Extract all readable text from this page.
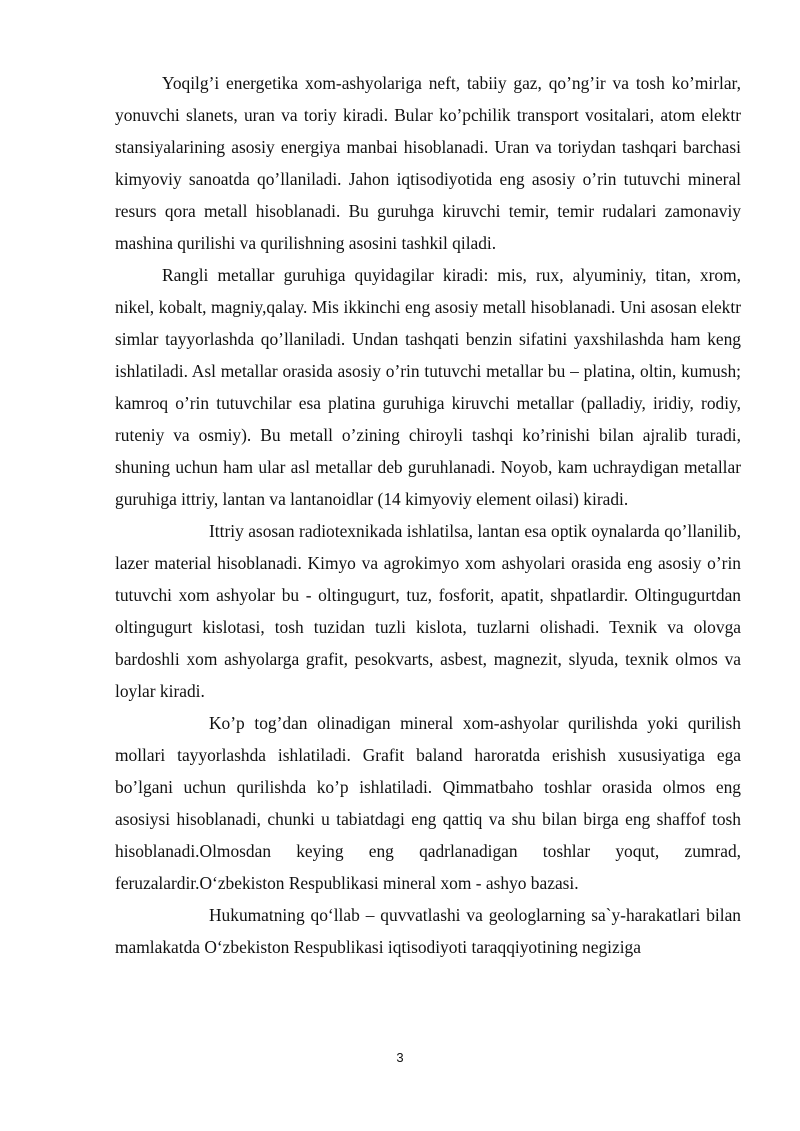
Yoqilg’i energetika xom-ashyolariga neft, tabiiy gaz, qo’ng’ir va tosh ko’mirlar, yonuvchi slanets, uran va toriy kiradi. Bular ko’pchilik transport vositalari, atom elektr stansiyalarining asosiy energiya manbai hisoblanadi. Uran va toriydan tashqari barchasi kimyoviy sanoatda qo’llaniladi. Jahon iqtisodiyotida eng asosiy o’rin tutuvchi mineral resurs qora metall hisoblanadi. Bu guruhga kiruvchi temir, temir rudalari zamonaviy mashina qurilishi va qurilishning asosini tashkil qiladi.

Rangli metallar guruhiga quyidagilar kiradi: mis, rux, alyuminiy, titan, xrom, nikel, kobalt, magniy,qalay. Mis ikkinchi eng asosiy metall hisoblanadi. Uni asosan elektr simlar tayyorlashda qo’llaniladi. Undan tashqati benzin sifatini yaxshilashda ham keng ishlatiladi. Asl metallar orasida asosiy o’rin tutuvchi metallar bu – platina, oltin, kumush; kamroq o’rin tutuvchilar esa platina guruhiga kiruvchi metallar (palladiy, iridiy, rodiy, ruteniy va osmiy). Bu metall o’zining chiroyli tashqi ko’rinishi bilan ajralib turadi, shuning uchun ham ular asl metallar deb guruhlanadi. Noyob, kam uchraydigan metallar guruhiga ittriy, lantan va lantanoidlar (14 kimyoviy element oilasi) kiradi.

Ittriy asosan radiotexnikada ishlatilsa, lantan esa optik oynalarda qo’llanilib, lazer material hisoblanadi. Kimyo va agrokimyo xom ashyolari orasida eng asosiy o’rin tutuvchi xom ashyolar bu - oltingugurt, tuz, fosforit, apatit, shpatlardir. Oltingugurtdan oltingugurt kislotasi, tosh tuzidan tuzli kislota, tuzlarni olishadi. Texnik va olovga bardoshli xom ashyolarga grafit, pesokvarts, asbest, magnezit, slyuda, texnik olmos va loylar kiradi.

Ko’p tog’dan olinadigan mineral xom-ashyolar qurilishda yoki qurilish mollari tayyorlashda ishlatiladi. Grafit baland haroratda erishish xususiyatiga ega bo’lgani uchun qurilishda ko’p ishlatiladi. Qimmatbaho toshlar orasida olmos eng asosiysi hisoblanadi, chunki u tabiatdagi eng qattiq va shu bilan birga eng shaffof tosh hisoblanadi.Olmosdan keying eng qadrlanadigan toshlar yoqut, zumrad, feruzalardir.O‘zbekiston Respublikasi mineral xom - ashyo bazasi.

Hukumatning qo‘llab – quvvatlashi va geologlarning sa`y-harakatlari bilan mamlakatda O‘zbekiston Respublikasi iqtisodiyoti taraqqiyotining negiziga

3
